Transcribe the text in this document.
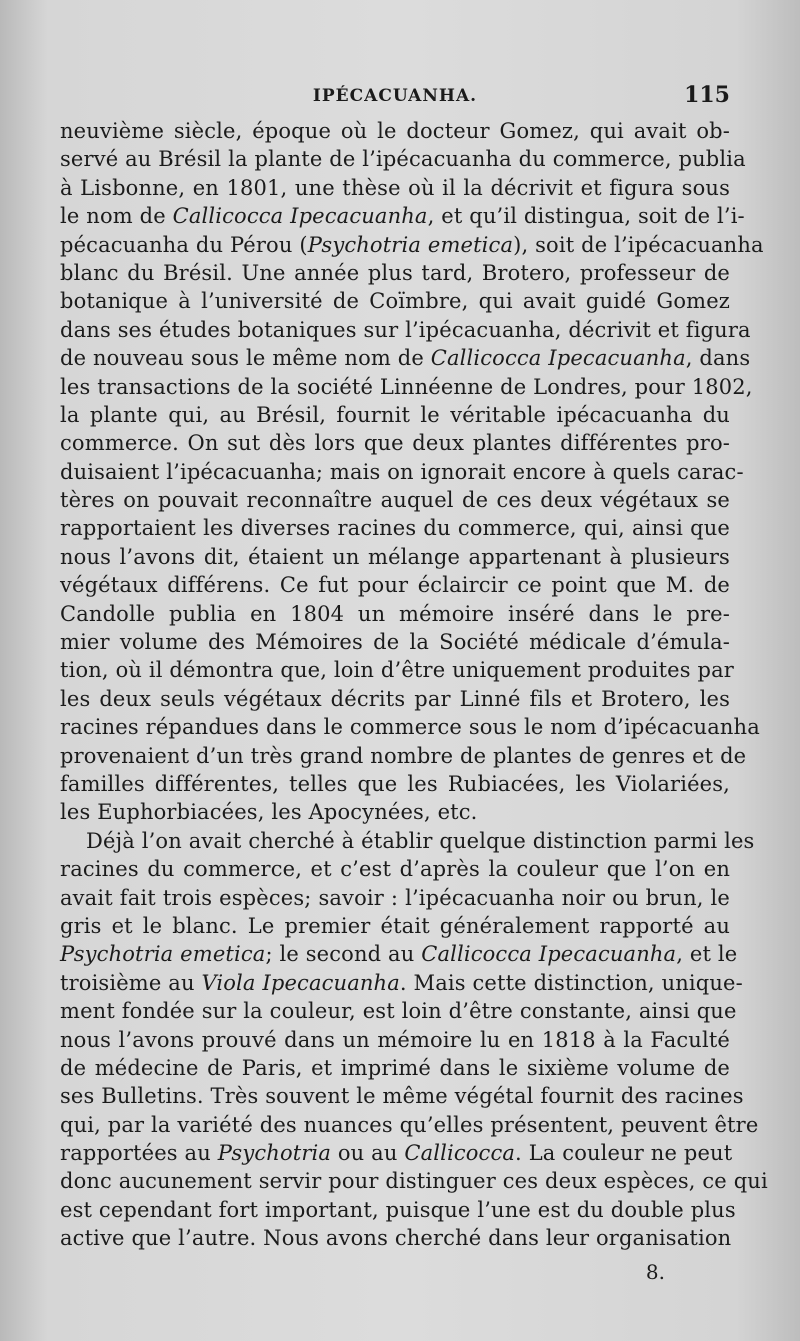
IPÉCACUANHA.	115
neuvième siècle, époque où le docteur Gomez, qui avait ob-
servé au Brésil la plante de l’ipécacuanha du commerce, publia
à Lisbonne, en 1801, une thèse où il la décrivit et figura sous
le nom de Callicocca Ipecacuanha, et qu’il distingua, soit de l’i-
pécacuanha du Pérou (Psychotria emetica), soit de l’ipécacuanha
blanc du Brésil. Une année plus tard, Brotero, professeur de
botanique à l’université de Coïmbre, qui avait guidé Gomez
dans ses études botaniques sur l’ipécacuanha, décrivit et figura
de nouveau sous le même nom de Callicocca Ipecacuanha, dans
les transactions de la société Linnéenne de Londres, pour 1802,
la plante qui, au Brésil, fournit le véritable ipécacuanha du
commerce. On sut dès lors que deux plantes différentes pro-
duisaient l’ipécacuanha; mais on ignorait encore à quels carac-
tères on pouvait reconnaître auquel de ces deux végétaux se
rapportaient les diverses racines du commerce, qui, ainsi que
nous l’avons dit, étaient un mélange appartenant à plusieurs
végétaux différens. Ce fut pour éclaircir ce point que M. de
Candolle publia en 1804 un mémoire inséré dans le pre-
mier volume des Mémoires de la Société médicale d’émula-
tion, où il démontra que, loin d’être uniquement produites par
les deux seuls végétaux décrits par Linné fils et Brotero, les
racines répandues dans le commerce sous le nom d’ipécacuanha
provenaient d’un très grand nombre de plantes de genres et de
familles différentes, telles que les Rubiacées, les Violariées,
les Euphorbiacées, les Apocynées, etc.
Déjà l’on avait cherché à établir quelque distinction parmi les
racines du commerce, et c’est d’après la couleur que l’on en
avait fait trois espèces; savoir : l’ipécacuanha noir ou brun, le
gris et le blanc. Le premier était généralement rapporté au
Psychotria emetica; le second au Callicocca Ipecacuanha, et le
troisième au Viola Ipecacuanha. Mais cette distinction, unique-
ment fondée sur la couleur, est loin d’être constante, ainsi que
nous l’avons prouvé dans un mémoire lu en 1818 à la Faculté
de médecine de Paris, et imprimé dans le sixième volume de
ses Bulletins. Très souvent le même végétal fournit des racines
qui, par la variété des nuances qu’elles présentent, peuvent être
rapportées au Psychotria ou au Callicocca. La couleur ne peut
donc aucunement servir pour distinguer ces deux espèces, ce qui
est cependant fort important, puisque l’une est du double plus
active que l’autre. Nous avons cherché dans leur organisation
8.
